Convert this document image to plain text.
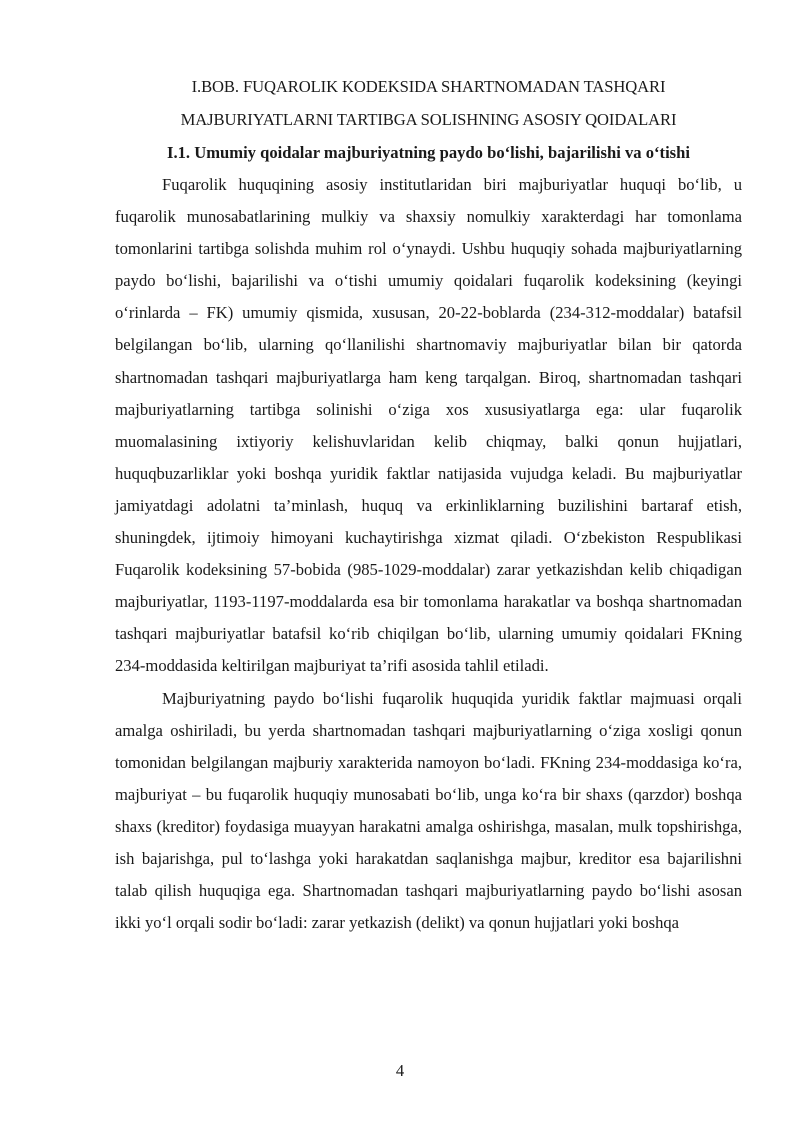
I.BOB. FUQAROLIK KODEKSIDA SHARTNOMADAN TASHQARI
MAJBURIYATLARNI TARTIBGA SOLISHNING ASOSIY QOIDALARI
I.1. Umumiy qoidalar majburiyatning paydo bo‘lishi, bajarilishi va o‘tishi

Fuqarolik huquqining asosiy institutlaridan biri majburiyatlar huquqi bo‘lib, u fuqarolik munosabatlarining mulkiy va shaxsiy nomulkiy xarakterdagi har tomonlama tomonlarini tartibga solishda muhim rol o‘ynaydi. Ushbu huquqiy sohada majburiyatlarning paydo bo‘lishi, bajarilishi va o‘tishi umumiy qoidalari fuqarolik kodeksining (keyingi o‘rinlarda – FK) umumiy qismida, xususan, 20-22-boblarda (234-312-moddalar) batafsil belgilangan bo‘lib, ularning qo‘llanilishi shartnomaviy majburiyatlar bilan bir qatorda shartnomadan tashqari majburiyatlarga ham keng tarqalgan. Biroq, shartnomadan tashqari majburiyatlarning tartibga solinishi o‘ziga xos xususiyatlarga ega: ular fuqarolik muomalasining ixtiyoriy kelishuvlaridan kelib chiqmay, balki qonun hujjatlari, huquqbuzarliklar yoki boshqa yuridik faktlar natijasida vujudga keladi. Bu majburiyatlar jamiyatdagi adolatni ta’minlash, huquq va erkinliklarning buzilishini bartaraf etish, shuningdek, ijtimoiy himoyani kuchaytirishga xizmat qiladi. O‘zbekiston Respublikasi Fuqarolik kodeksining 57-bobida (985-1029-moddalar) zarar yetkazishdan kelib chiqadigan majburiyatlar, 1193-1197-moddalarda esa bir tomonlama harakatlar va boshqa shartnomadan tashqari majburiyatlar batafsil ko‘rib chiqilgan bo‘lib, ularning umumiy qoidalari FKning 234-moddasida keltirilgan majburiyat ta’rifi asosida tahlil etiladi.

Majburiyatning paydo bo‘lishi fuqarolik huquqida yuridik faktlar majmuasi orqali amalga oshiriladi, bu yerda shartnomadan tashqari majburiyatlarning o‘ziga xosligi qonun tomonidan belgilangan majburiy xarakterida namoyon bo‘ladi. FKning 234-moddasiga ko‘ra, majburiyat – bu fuqarolik huquqiy munosabati bo‘lib, unga ko‘ra bir shaxs (qarzdor) boshqa shaxs (kreditor) foydasiga muayyan harakatni amalga oshirishga, masalan, mulk topshirishga, ish bajarishga, pul to‘lashga yoki harakatdan saqlanishga majbur, kreditor esa bajarilishni talab qilish huquqiga ega. Shartnomadan tashqari majburiyatlarning paydo bo‘lishi asosan ikki yo‘l orqali sodir bo‘ladi: zarar yetkazish (delikt) va qonun hujjatlari yoki boshqa

4
